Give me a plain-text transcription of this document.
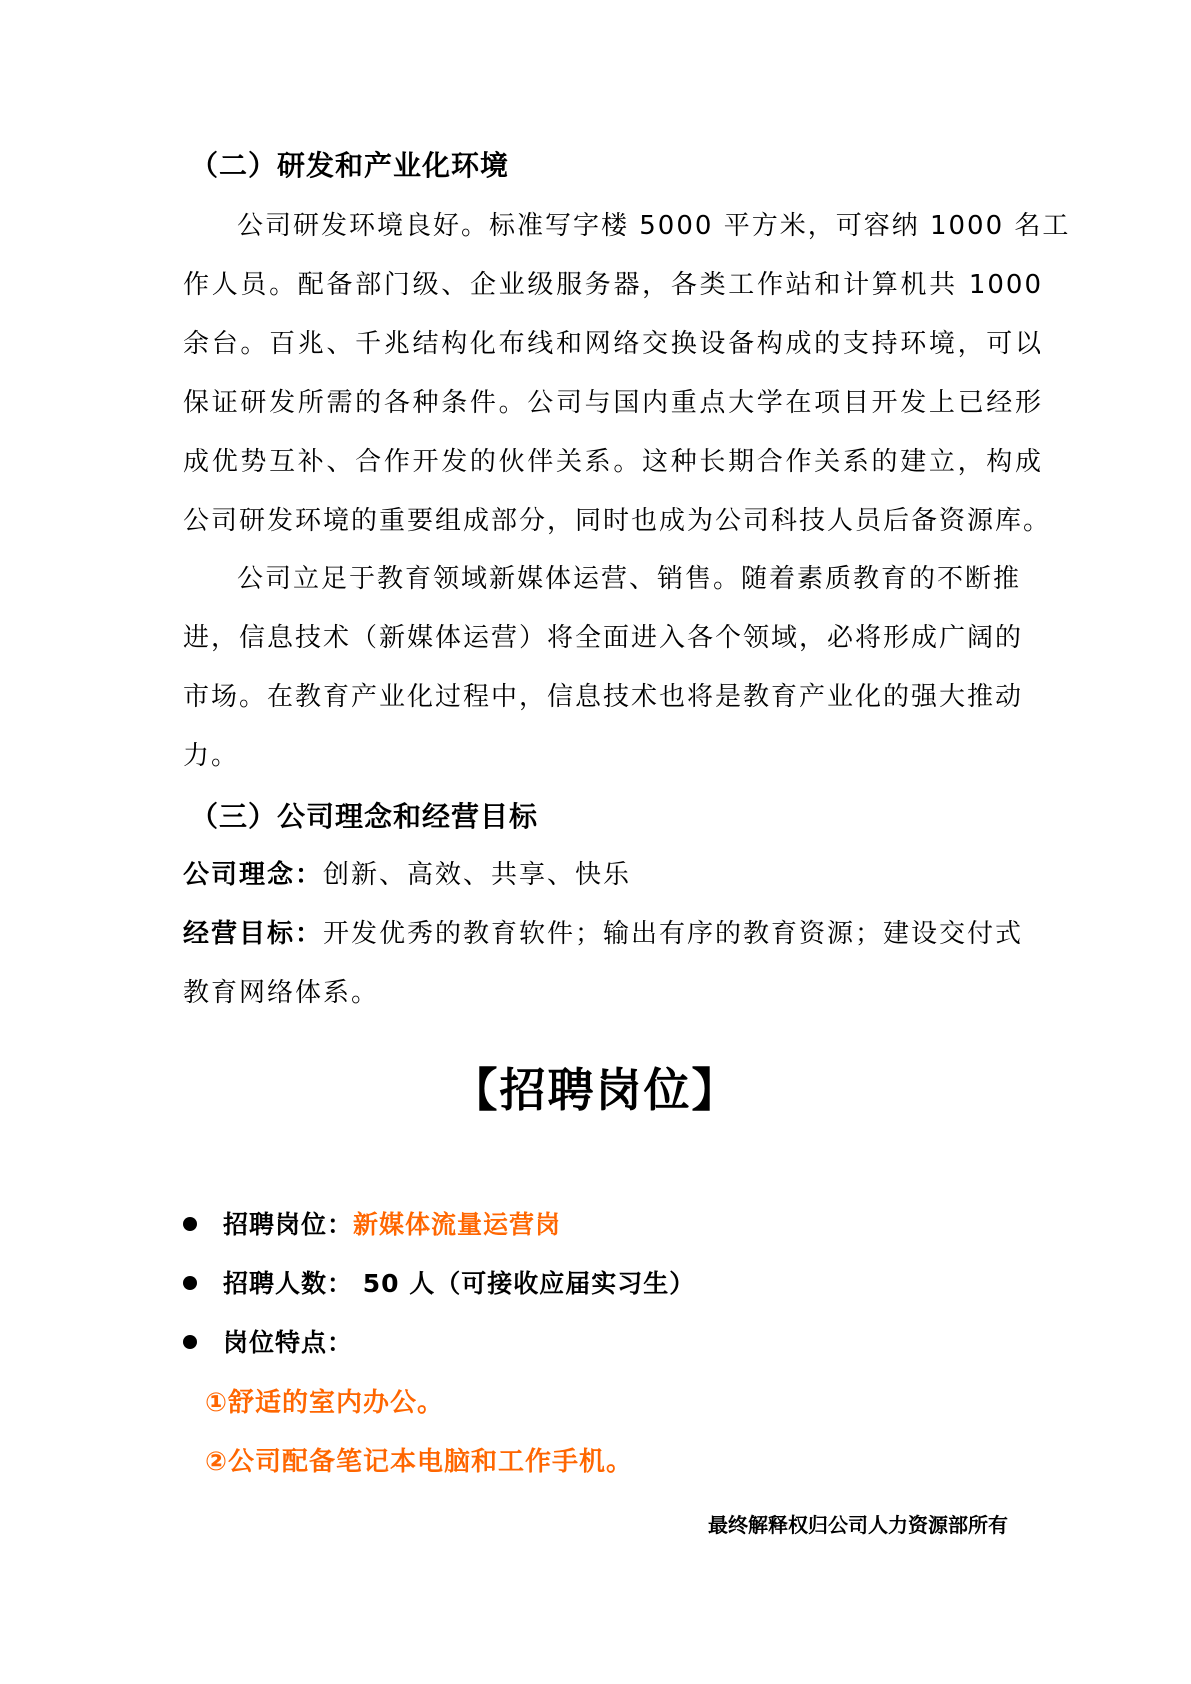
（二）研发和产业化环境
公司研发环境良好。标准写字楼 5000 平方米，可容纳 1000 名工
作人员。配备部门级、企业级服务器，各类工作站和计算机共 1000
余台。百兆、千兆结构化布线和网络交换设备构成的支持环境，可以
保证研发所需的各种条件。公司与国内重点大学在项目开发上已经形
成优势互补、合作开发的伙伴关系。这种长期合作关系的建立，构成
公司研发环境的重要组成部分，同时也成为公司科技人员后备资源库。
公司立足于教育领域新媒体运营、销售。随着素质教育的不断推
进，信息技术（新媒体运营）将全面进入各个领域，必将形成广阔的
市场。在教育产业化过程中，信息技术也将是教育产业化的强大推动
力。
（三）公司理念和经营目标
公司理念：创新、高效、共享、快乐
经营目标：开发优秀的教育软件；输出有序的教育资源；建设交付式
教育网络体系。
【招聘岗位】
招聘岗位：新媒体流量运营岗
招聘人数： 50 人（可接收应届实习生）
岗位特点：
①舒适的室内办公。
②公司配备笔记本电脑和工作手机。
最终解释权归公司人力资源部所有
